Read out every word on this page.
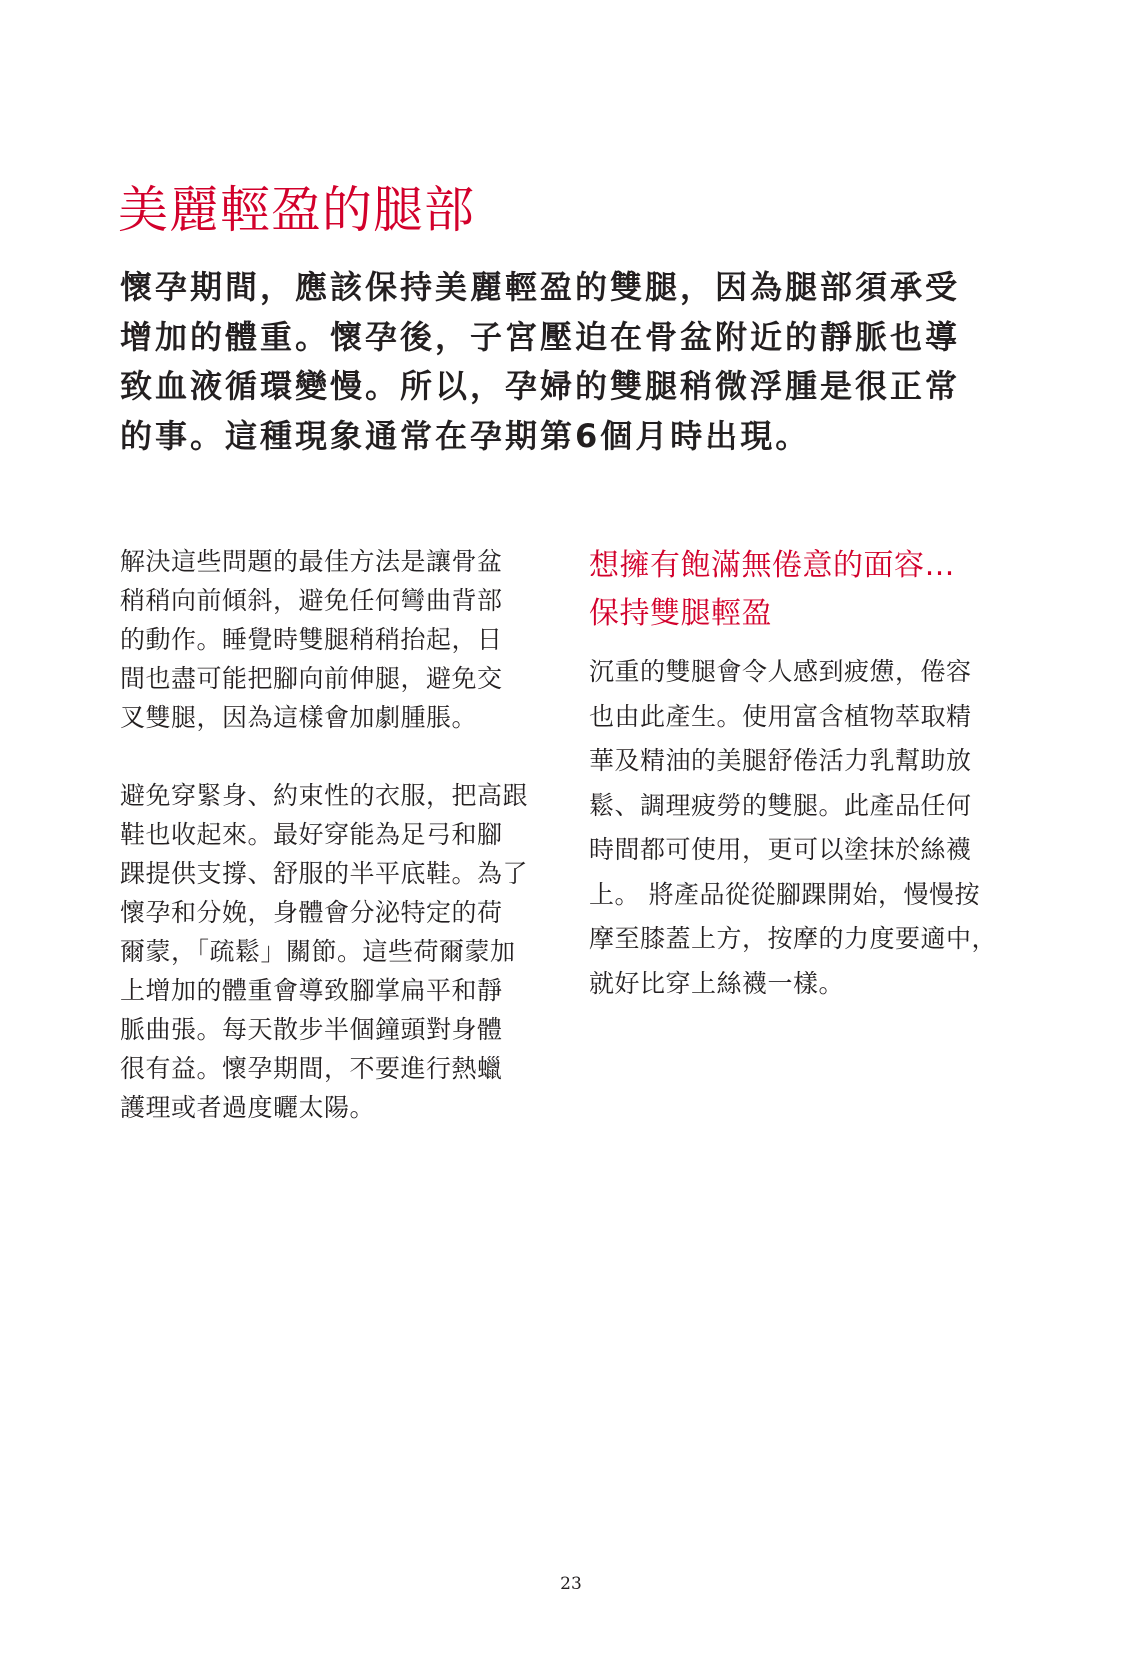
美麗輕盈的腿部

懷孕期間，應該保持美麗輕盈的雙腿，因為腿部須承受
增加的體重。懷孕後，子宮壓迫在骨盆附近的靜脈也導
致血液循環變慢。所以，孕婦的雙腿稍微浮腫是很正常
的事。這種現象通常在孕期第6個月時出現。

解決這些問題的最佳方法是讓骨盆
稍稍向前傾斜，避免任何彎曲背部
的動作。睡覺時雙腿稍稍抬起，日
間也盡可能把腳向前伸腿，避免交
叉雙腿，因為這樣會加劇腫脹。

避免穿緊身、約束性的衣服，把高跟
鞋也收起來。最好穿能為足弓和腳
踝提供支撐、舒服的半平底鞋。為了
懷孕和分娩，身體會分泌特定的荷
爾蒙，「疏鬆」關節。這些荷爾蒙加
上增加的體重會導致腳掌扁平和靜
脈曲張。每天散步半個鐘頭對身體
很有益。懷孕期間，不要進行熱蠟
護理或者過度曬太陽。

想擁有飽滿無倦意的面容…
保持雙腿輕盈

沉重的雙腿會令人感到疲憊，倦容
也由此產生。使用富含植物萃取精
華及精油的美腿舒倦活力乳幫助放
鬆、調理疲勞的雙腿。此產品任何
時間都可使用，更可以塗抹於絲襪
上。 將產品從從腳踝開始，慢慢按
摩至膝蓋上方，按摩的力度要適中，
就好比穿上絲襪一樣。

23
